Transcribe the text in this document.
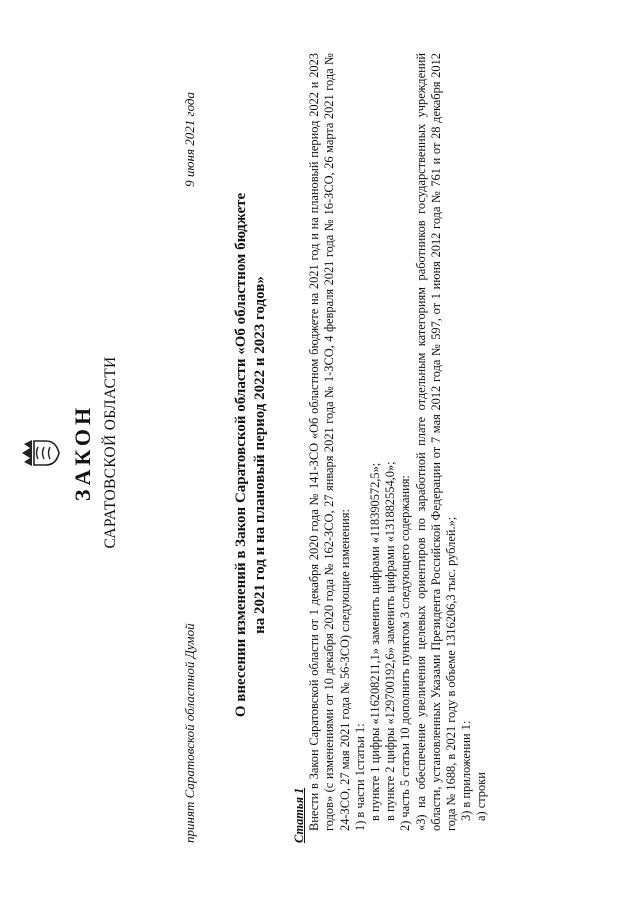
ЗАКОН САРАТОВСКОЙ ОБЛАСТИ
принят Саратовской областной Думой
9 июня 2021 года
О внесении изменений в Закон Саратовской области «Об областном бюджете на 2021 год и на плановый период 2022 и 2023 годов»

Статья 1 Внести в Закон Саратовской области от 1 декабря 2020 года № 141-ЗСО «Об областном бюджете на 2021 год и на плановый период 2022 и 2023 годов» (с изменениями от 10 декабря 2020 года № 162-ЗСО, 27 января 2021 года № 1-ЗСО, 4 февраля 2021 года № 16-ЗСО, 26 марта 2021 года № 24-ЗСО, 27 мая 2021 года № 56-ЗСО) следующие изменения: 1) в части 1статьи 1: в пункте 1 цифры «116208211,1» заменить цифрами «118390572,5»; в пункте 2 цифры «129700192,6» заменить цифрами «131882554,0»; 2) часть 5 статьи 10 дополнить пунктом 3 следующего содержания: «3) на обеспечение увеличения целевых ориентиров по заработной плате отдельным категориям работников государственных учреждений области, установленных Указами Президента Российской Федерации от 7 мая 2012 года № 597, от 1 июня 2012 года № 761 и от 28 декабря 2012 года № 1688, в 2021 году в объеме 1316206,3 тыс. рублей.»; 3) в приложении 1: а) строки
